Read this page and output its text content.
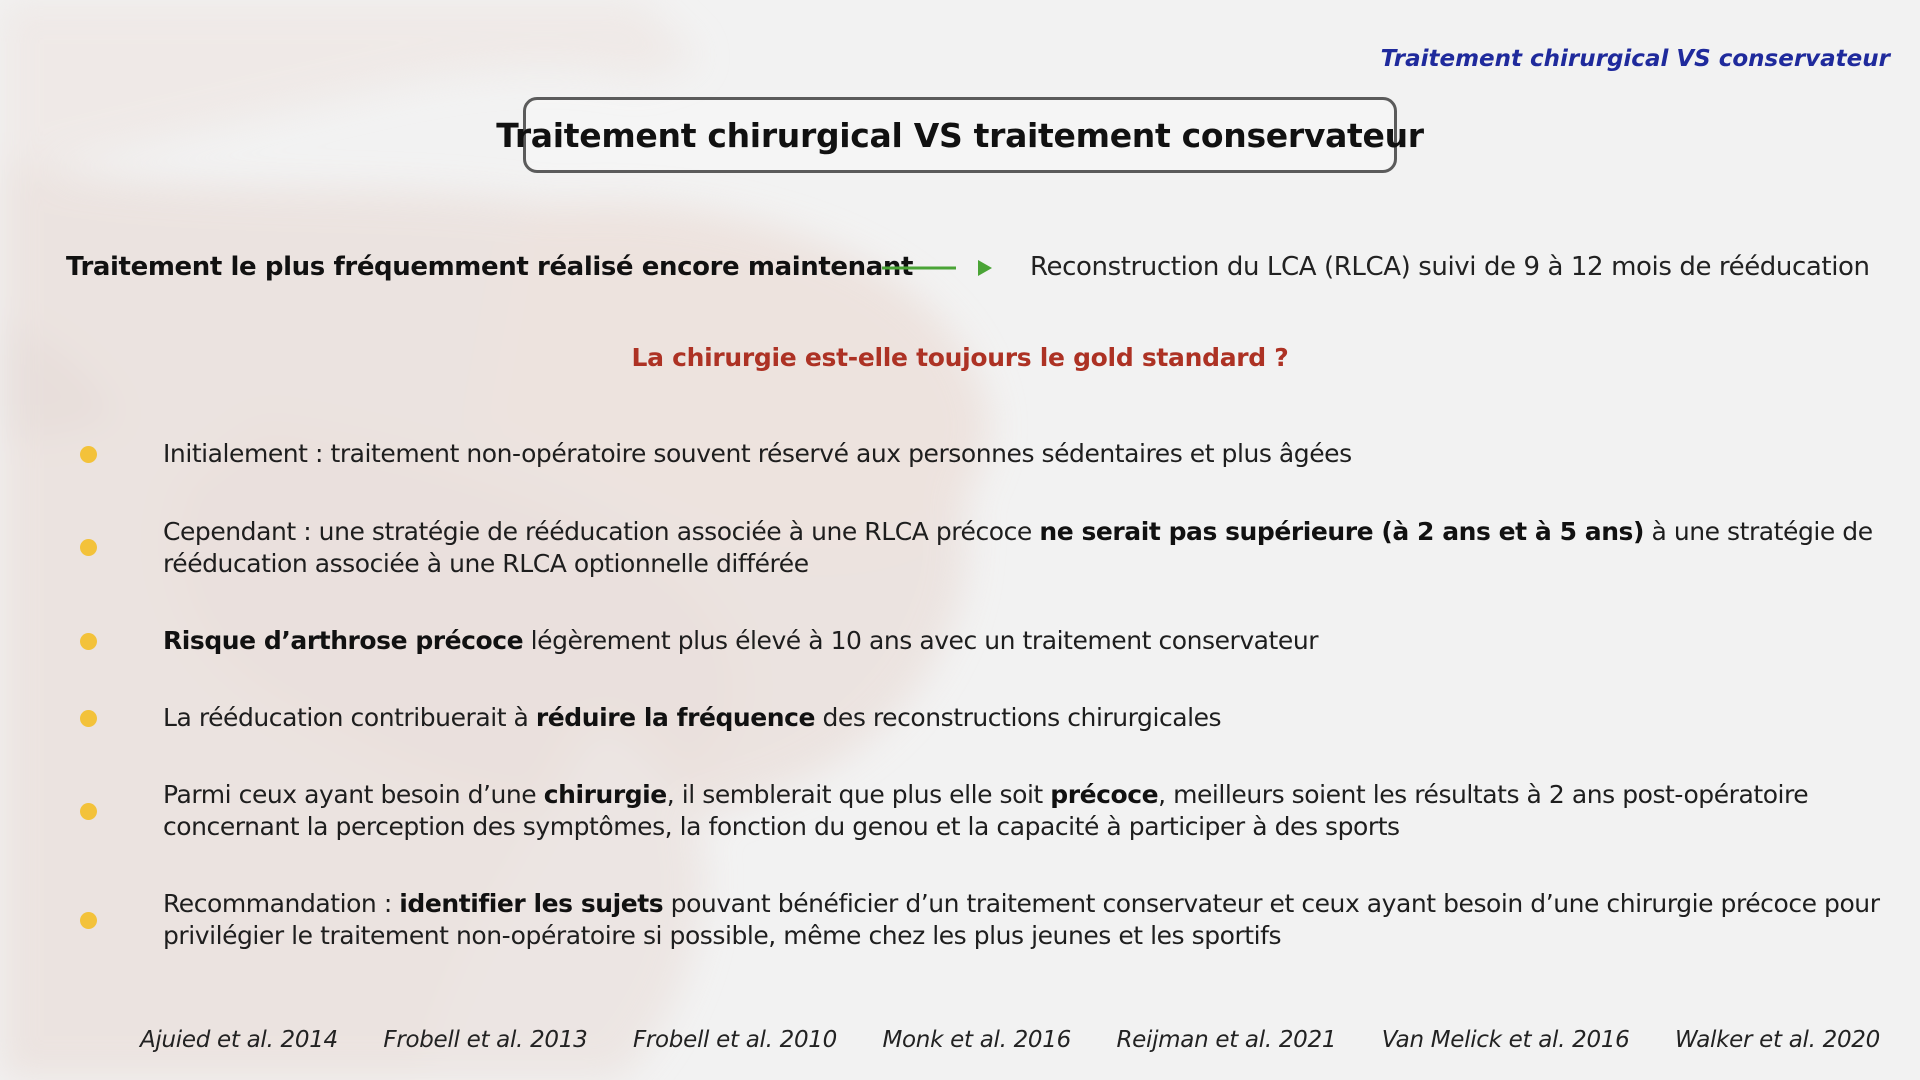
Traitement chirurgical VS conservateur
Traitement chirurgical VS traitement conservateur
Traitement le plus fréquemment réalisé encore maintenant	Reconstruction du LCA (RLCA) suivi de 9 à 12 mois de rééducation
La chirurgie est-elle toujours le gold standard ?
Initialement : traitement non-opératoire souvent réservé aux personnes sédentaires et plus âgées
Cependant : une stratégie de rééducation associée à une RLCA précoce ne serait pas supérieure (à 2 ans et à 5 ans) à une stratégie de rééducation associée à une RLCA optionnelle différée
Risque d’arthrose précoce légèrement plus élevé à 10 ans avec un traitement conservateur
La rééducation contribuerait à réduire la fréquence des reconstructions chirurgicales
Parmi ceux ayant besoin d’une chirurgie, il semblerait que plus elle soit précoce, meilleurs soient les résultats à 2 ans post-opératoire concernant la perception des symptômes, la fonction du genou et la capacité à participer à des sports
Recommandation : identifier les sujets pouvant bénéficier d’un traitement conservateur et ceux ayant besoin d’une chirurgie précoce pour privilégier le traitement non-opératoire si possible, même chez les plus jeunes et les sportifs
Ajuied et al. 2014 Frobell et al. 2013 Frobell et al. 2010 Monk et al. 2016 Reijman et al. 2021 Van Melick et al. 2016 Walker et al. 2020
